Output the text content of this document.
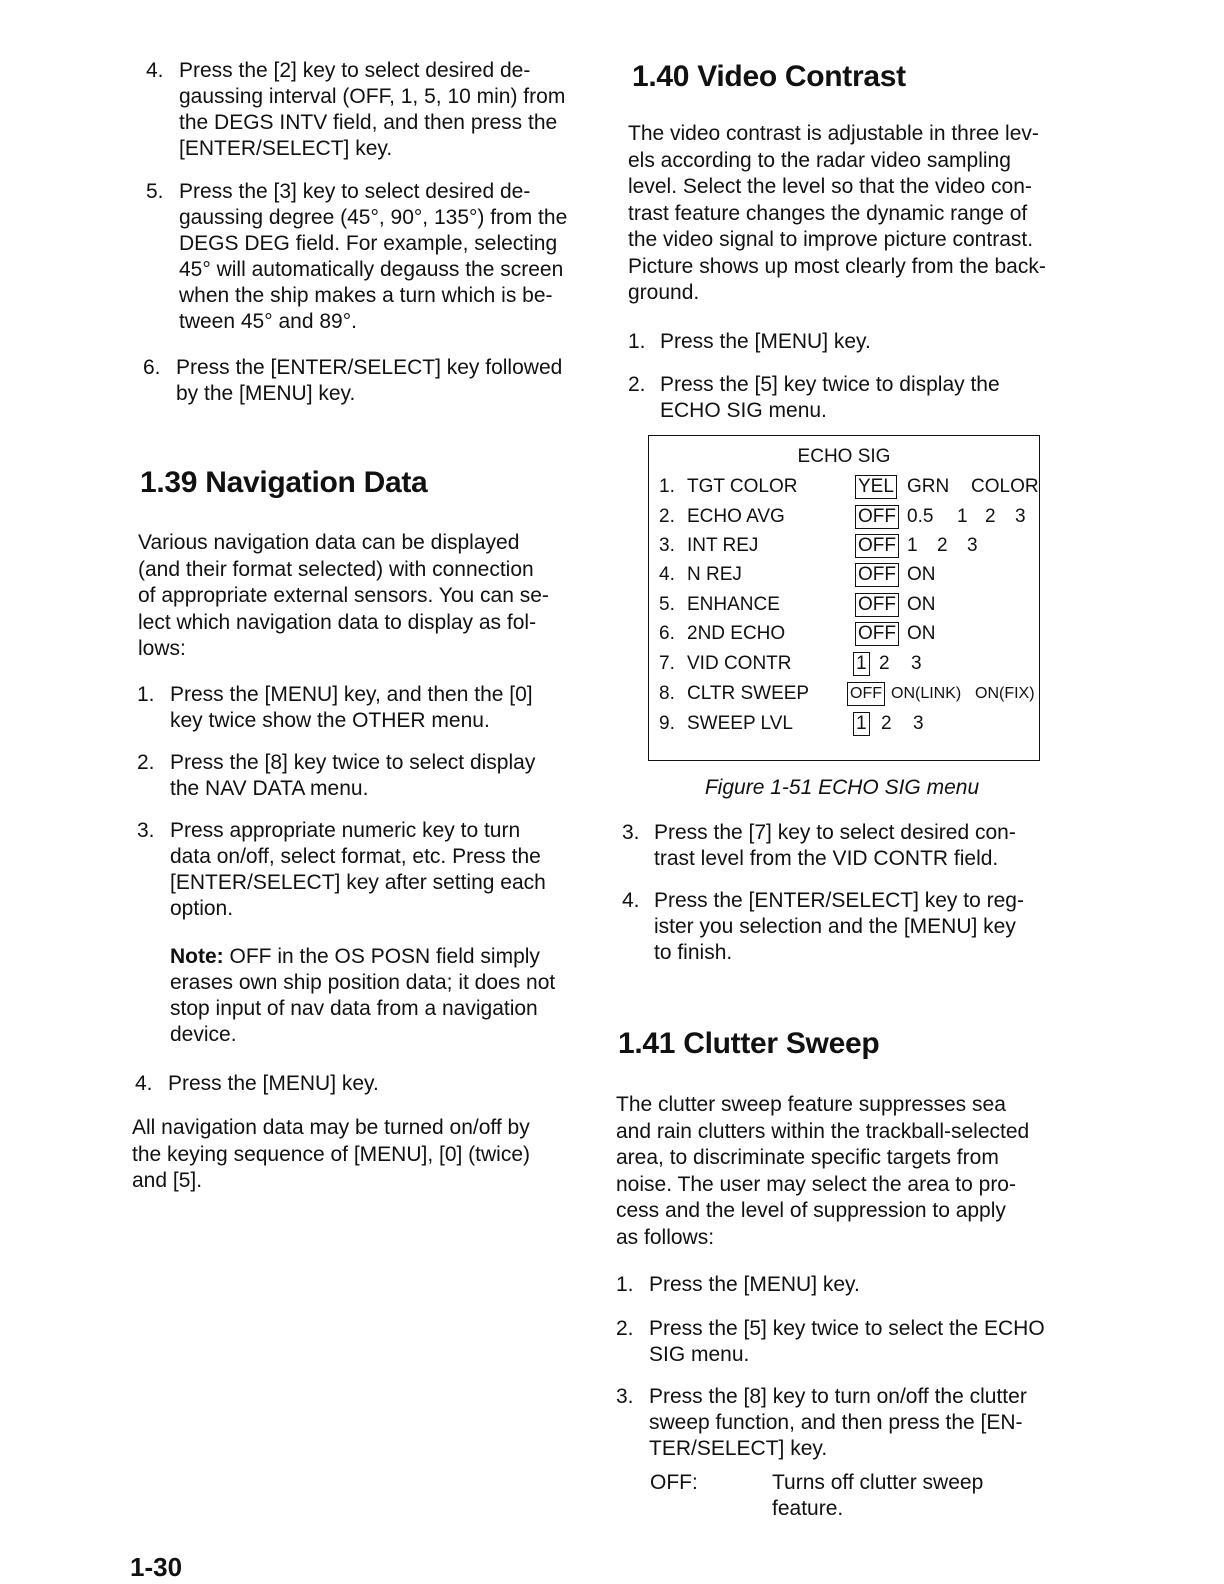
4. Press the [2] key to select desired de-
gaussing interval (OFF, 1, 5, 10 min) from
the DEGS INTV field, and then press the
[ENTER/SELECT] key.
5. Press the [3] key to select desired de-
gaussing degree (45°, 90°, 135°) from the
DEGS DEG field. For example, selecting
45° will automatically degauss the screen
when the ship makes a turn which is be-
tween 45° and 89°.
6. Press the [ENTER/SELECT] key followed
by the [MENU] key.
1.39 Navigation Data
Various navigation data can be displayed
(and their format selected) with connection
of appropriate external sensors. You can se-
lect which navigation data to display as fol-
lows:
1. Press the [MENU] key, and then the [0]
key twice show the OTHER menu.
2. Press the [8] key twice to select display
the NAV DATA menu.
3. Press appropriate numeric key to turn
data on/off, select format, etc. Press the
[ENTER/SELECT] key after setting each
option.
Note: OFF in the OS POSN field simply
erases own ship position data; it does not
stop input of nav data from a navigation
device.
4. Press the [MENU] key.
All navigation data may be turned on/off by
the keying sequence of [MENU], [0] (twice)
and [5].
1.40 Video Contrast
The video contrast is adjustable in three lev-
els according to the radar video sampling
level. Select the level so that the video con-
trast feature changes the dynamic range of
the video signal to improve picture contrast.
Picture shows up most clearly from the back-
ground.
1. Press the [MENU] key.
2. Press the [5] key twice to display the
ECHO SIG menu.
ECHO SIG
1. TGT COLOR	YEL GRN COLOR
2. ECHO AVG	OFF 0.5 1 2 3
3. INT REJ	OFF 1 2 3
4. N REJ	OFF ON
5. ENHANCE	OFF ON
6. 2ND ECHO	OFF ON
7. VID CONTR	1 2 3
8. CLTR SWEEP	OFF ON(LINK) ON(FIX)
9. SWEEP LVL	1 2 3
Figure 1-51 ECHO SIG menu
3. Press the [7] key to select desired con-
trast level from the VID CONTR field.
4. Press the [ENTER/SELECT] key to reg-
ister you selection and the [MENU] key
to finish.
1.41 Clutter Sweep
The clutter sweep feature suppresses sea
and rain clutters within the trackball-selected
area, to discriminate specific targets from
noise. The user may select the area to pro-
cess and the level of suppression to apply
as follows:
1. Press the [MENU] key.
2. Press the [5] key twice to select the ECHO
SIG menu.
3. Press the [8] key to turn on/off the clutter
sweep function, and then press the [EN-
TER/SELECT] key.
OFF:	Turns off clutter sweep
feature.
1-30
